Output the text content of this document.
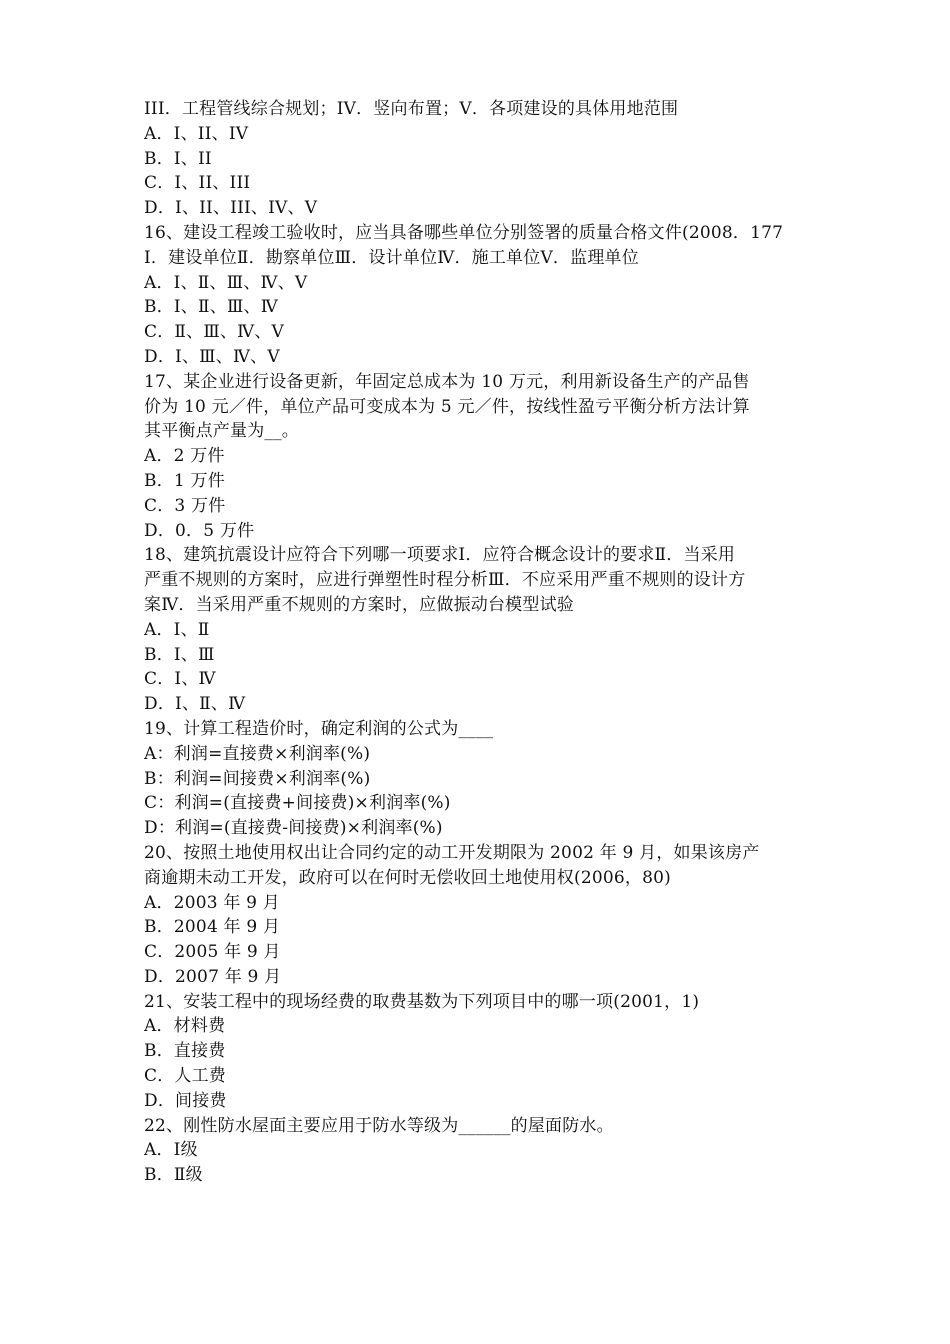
III．工程管线综合规划；IV．竖向布置；V．各项建设的具体用地范围
A．I、II、IV
B．I、II
C．I、II、III
D．I、II、III、IV、V
16、建设工程竣工验收时，应当具备哪些单位分别签署的质量合格文件(2008．177
Ⅰ．建设单位Ⅱ．勘察单位Ⅲ．设计单位Ⅳ．施工单位Ⅴ．监理单位
A．Ⅰ、Ⅱ、Ⅲ、Ⅳ、Ⅴ
B．Ⅰ、Ⅱ、Ⅲ、Ⅳ
C．Ⅱ、Ⅲ、Ⅳ、Ⅴ
D．Ⅰ、Ⅲ、Ⅳ、Ⅴ
17、某企业进行设备更新，年固定总成本为 10 万元，利用新设备生产的产品售
价为 10 元／件，单位产品可变成本为 5 元／件，按线性盈亏平衡分析方法计算
其平衡点产量为__。
A．2 万件
B．1 万件
C．3 万件
D．0．5 万件
18、建筑抗震设计应符合下列哪一项要求Ⅰ．应符合概念设计的要求Ⅱ．当采用
严重不规则的方案时，应进行弹塑性时程分析Ⅲ．不应采用严重不规则的设计方
案Ⅳ．当采用严重不规则的方案时，应做振动台模型试验
A．Ⅰ、Ⅱ
B．Ⅰ、Ⅲ
C．Ⅰ、Ⅳ
D．Ⅰ、Ⅱ、Ⅳ
19、计算工程造价时，确定利润的公式为____
A：利润=直接费×利润率(%)
B：利润=间接费×利润率(%)
C：利润=(直接费+间接费)×利润率(%)
D：利润=(直接费-间接费)×利润率(%)
20、按照土地使用权出让合同约定的动工开发期限为 2002 年 9 月，如果该房产
商逾期未动工开发，政府可以在何时无偿收回土地使用权(2006，80)
A．2003 年 9 月
B．2004 年 9 月
C．2005 年 9 月
D．2007 年 9 月
21、安装工程中的现场经费的取费基数为下列项目中的哪一项(2001，1)
A．材料费
B．直接费
C．人工费
D．间接费
22、刚性防水屋面主要应用于防水等级为______的屋面防水。
A．Ⅰ级
B．Ⅱ级
